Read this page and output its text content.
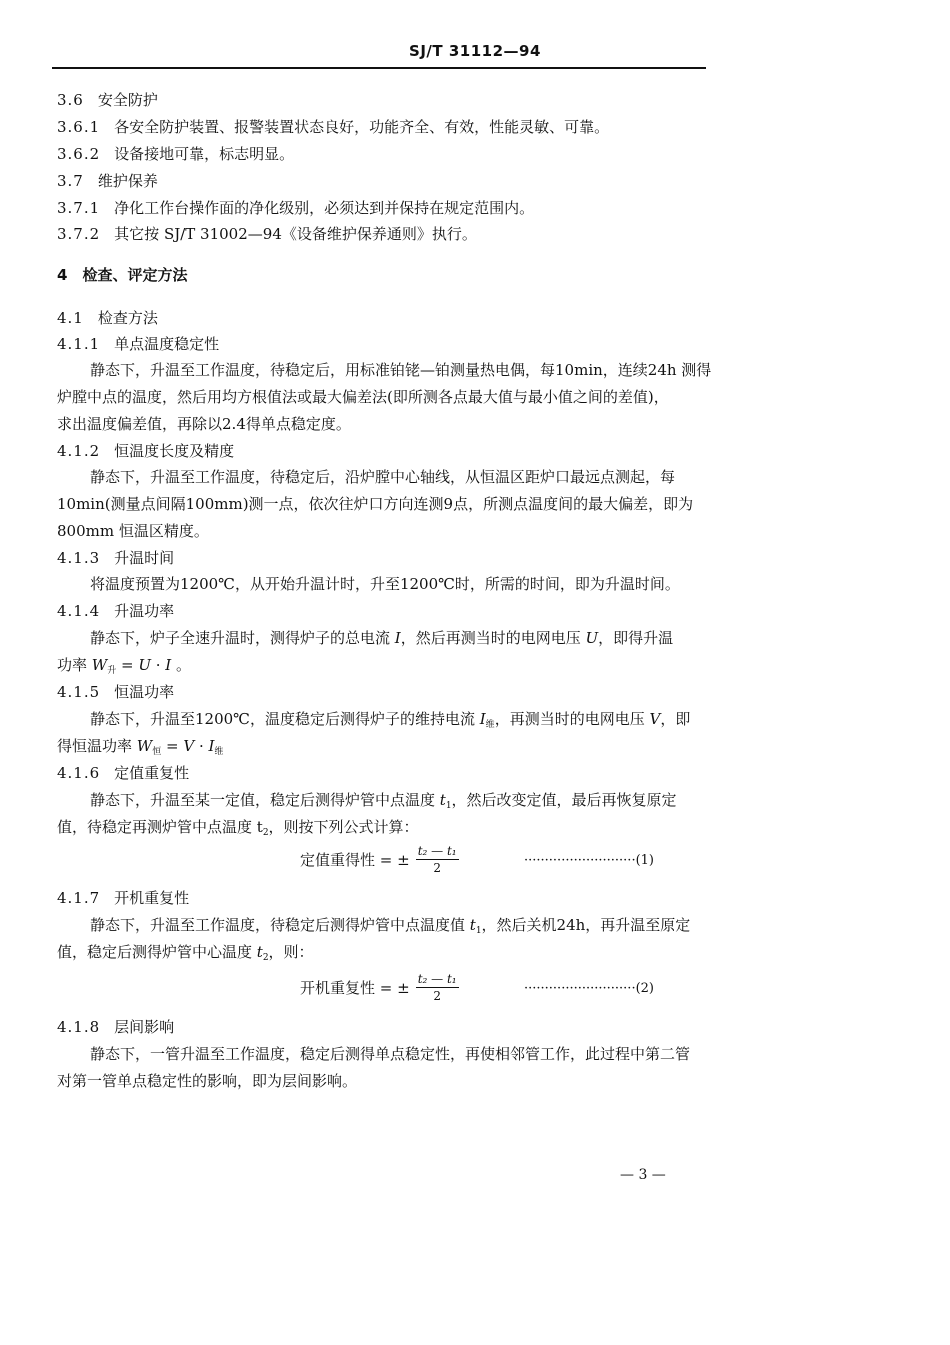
SJ/T 31112—94
3.6 安全防护
3.6.1 各安全防护装置、报警装置状态良好，功能齐全、有效，性能灵敏、可靠。
3.6.2 设备接地可靠，标志明显。
3.7 维护保养
3.7.1 净化工作台操作面的净化级别，必须达到并保持在规定范围内。
3.7.2 其它按 SJ/T 31002—94《设备维护保养通则》执行。
4 检查、评定方法
4.1 检查方法
4.1.1 单点温度稳定性
静态下，升温至工作温度，待稳定后，用标准铂铑—铂测量热电偶，每10min，连续24h 测得
炉膛中点的温度，然后用均方根值法或最大偏差法(即所测各点最大值与最小值之间的差值)，
求出温度偏差值，再除以2.4得单点稳定度。
4.1.2 恒温度长度及精度
静态下，升温至工作温度，待稳定后，沿炉膛中心轴线，从恒温区距炉口最远点测起，每
10min(测量点间隔100mm)测一点，依次往炉口方向连测9点，所测点温度间的最大偏差，即为
800mm 恒温区精度。
4.1.3 升温时间
将温度预置为1200℃，从开始升温计时，升至1200℃时，所需的时间，即为升温时间。
4.1.4 升温功率
静态下，炉子全速升温时，测得炉子的总电流 I，然后再测当时的电网电压 U，即得升温
功率 $W_升 = U \cdot I$ 。
4.1.5 恒温功率
静态下，升温至1200℃，温度稳定后测得炉子的维持电流 $I_维$，再测当时的电网电压 V，即
得恒温功率 $W_恒 = V \cdot I_维$
4.1.6 定值重复性
静态下，升温至某一定值，稳定后测得炉管中点温度 $t_1$，然后改变定值，最后再恢复原定
值，待稳定再测炉管中点温度 $t_2$，则按下列公式计算：
定值重得性 = ± $\frac{\text{t₂ — t₁}}{2}$	···························(1)
4.1.7 开机重复性
静态下，升温至工作温度，待稳定后测得炉管中点温度值 $t_1$，然后关机24h，再升温至原定
值，稳定后测得炉管中心温度 $t_2$，则：
开机重复性 = ± $\frac{\text{t₂ — t₁}}{2}$	···························(2)
4.1.8 层间影响
静态下，一管升温至工作温度，稳定后测得单点稳定性，再使相邻管工作，此过程中第二管
对第一管单点稳定性的影响，即为层间影响。
— 3 —
